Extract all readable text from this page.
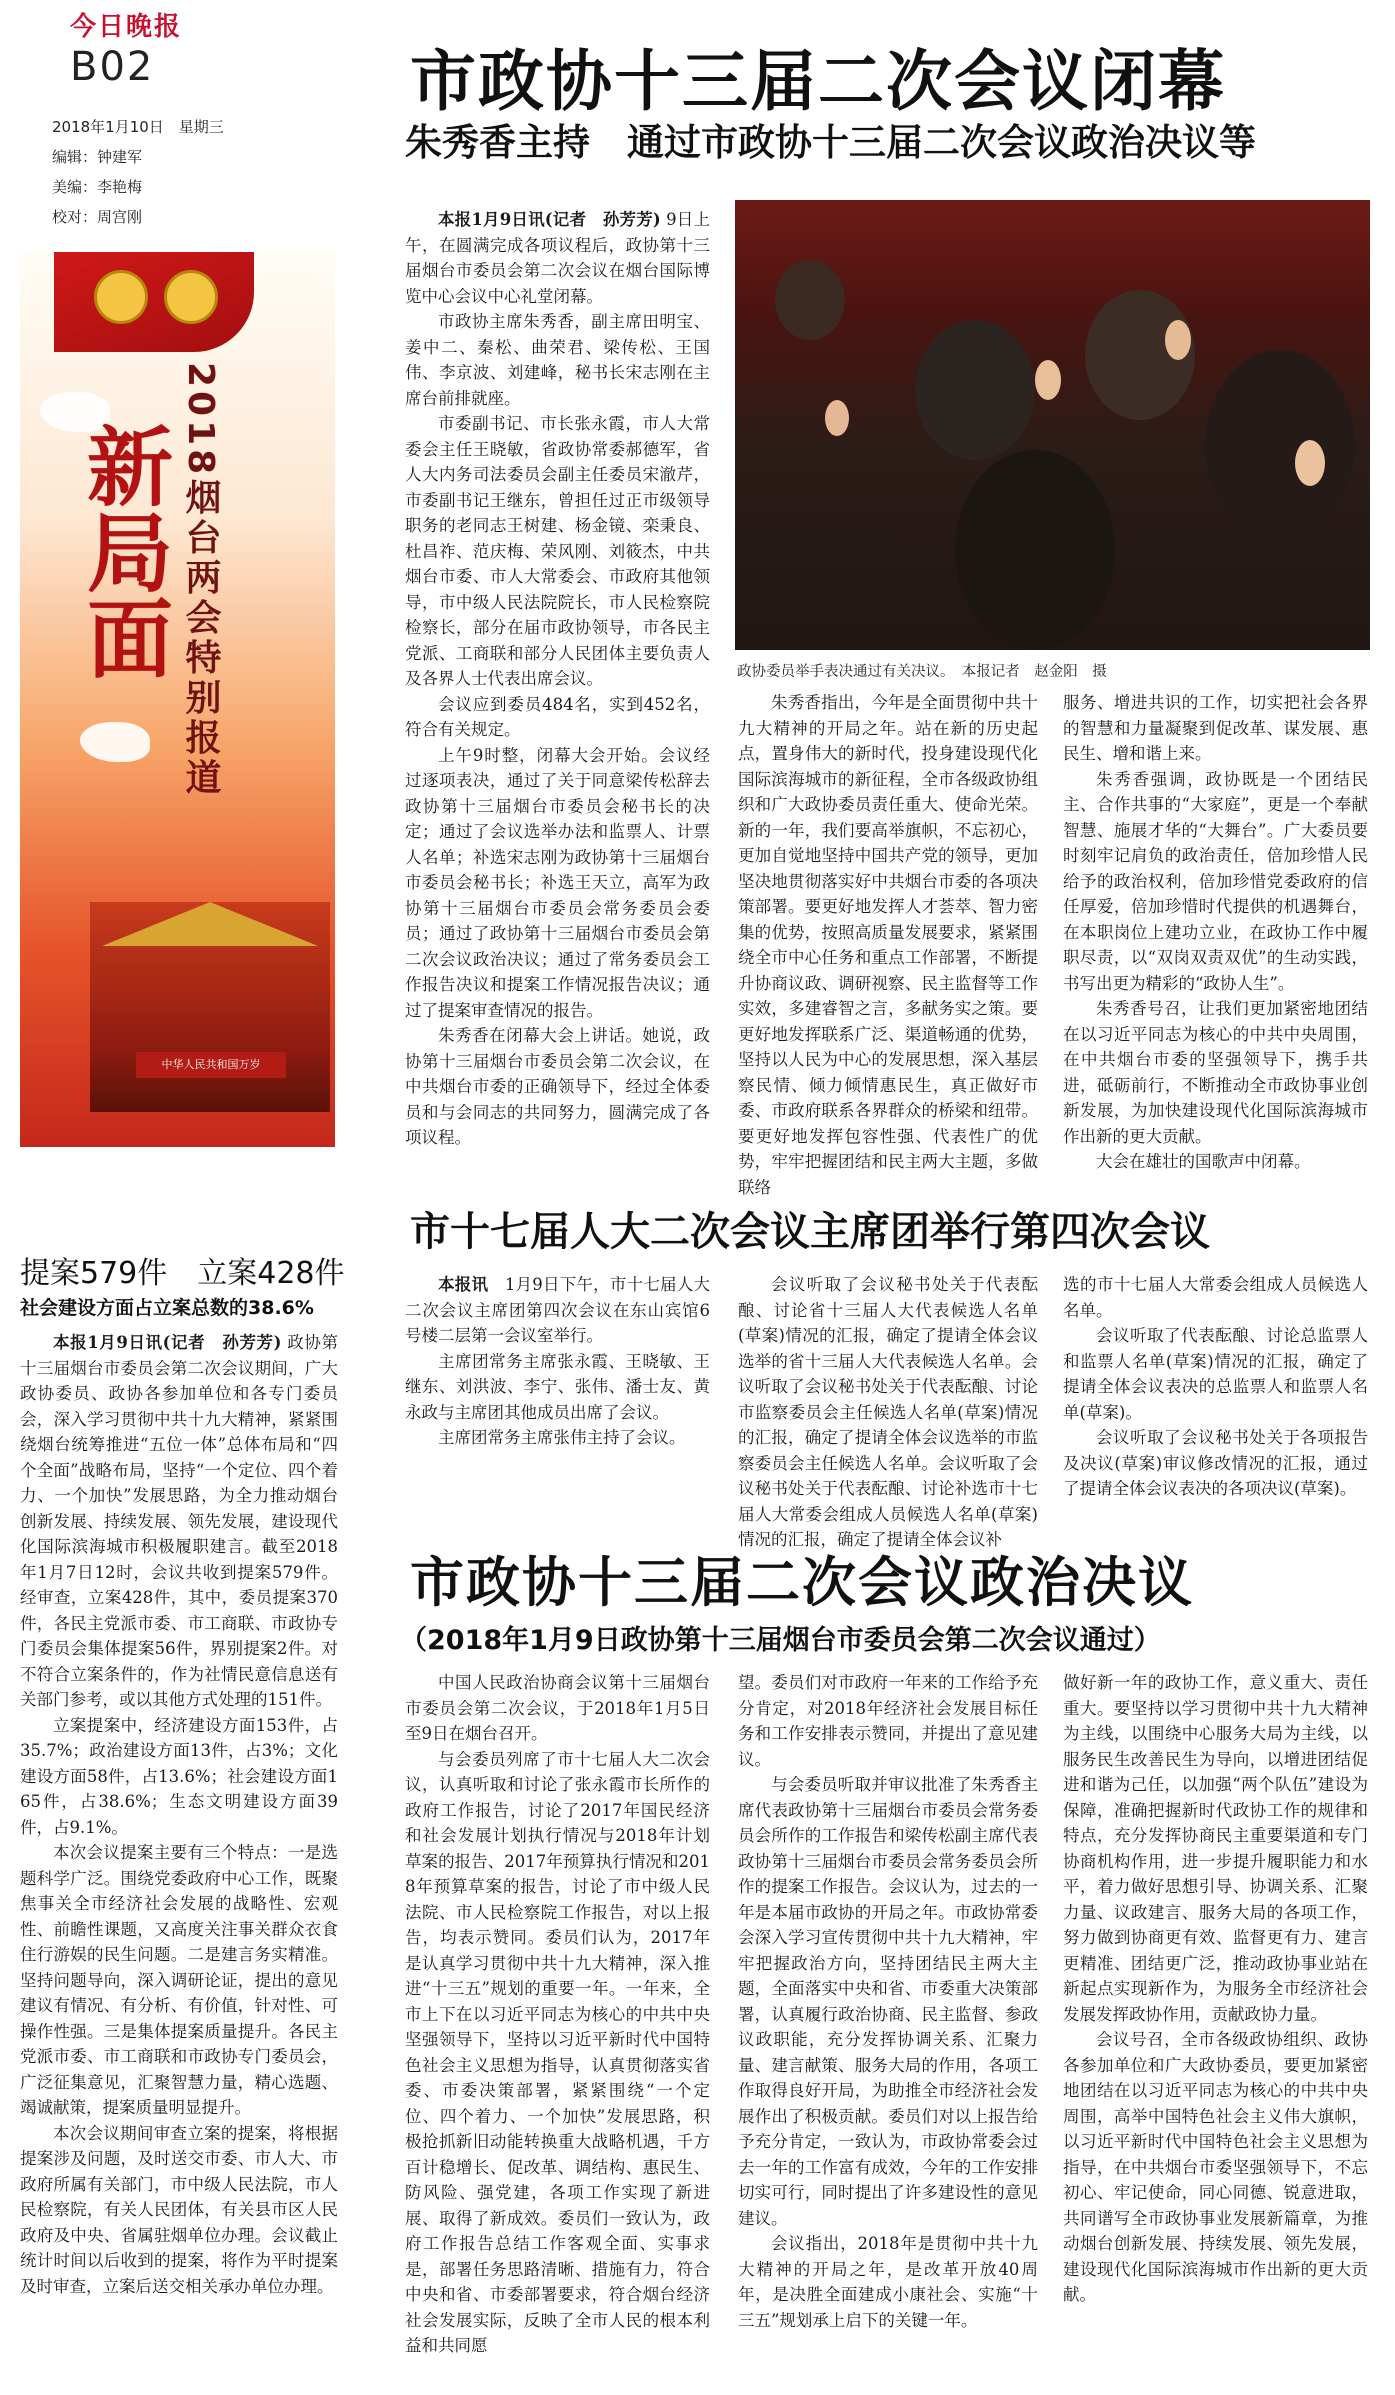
今日晚报
B02
2018年1月10日　星期三
编辑：钟建军
美编：李艳梅
校对：周宫刚
新局面 2018烟台两会特别报道
中华人民共和国万岁
市政协十三届二次会议闭幕
朱秀香主持　通过市政协十三届二次会议政治决议等

本报1月9日讯(记者　孙芳芳) 9日上午，在圆满完成各项议程后，政协第十三届烟台市委员会第二次会议在烟台国际博览中心会议中心礼堂闭幕。

市政协主席朱秀香，副主席田明宝、姜中二、秦松、曲荣君、梁传松、王国伟、李京波、刘建峰，秘书长宋志刚在主席台前排就座。

市委副书记、市长张永霞，市人大常委会主任王晓敏，省政协常委郝德军，省人大内务司法委员会副主任委员宋澈芹，市委副书记王继东，曾担任过正市级领导职务的老同志王树建、杨金镜、栾秉良、杜昌祚、范庆梅、荣风刚、刘筱杰，中共烟台市委、市人大常委会、市政府其他领导，市中级人民法院院长，市人民检察院检察长，部分在届市政协领导，市各民主党派、工商联和部分人民团体主要负责人及各界人士代表出席会议。

会议应到委员484名，实到452名，符合有关规定。

上午9时整，闭幕大会开始。会议经过逐项表决，通过了关于同意梁传松辞去政协第十三届烟台市委员会秘书长的决定；通过了会议选举办法和监票人、计票人名单；补选宋志刚为政协第十三届烟台市委员会秘书长；补选王天立，高军为政协第十三届烟台市委员会常务委员会委员；通过了政协第十三届烟台市委员会第二次会议政治决议；通过了常务委员会工作报告决议和提案工作情况报告决议；通过了提案审查情况的报告。

朱秀香在闭幕大会上讲话。她说，政协第十三届烟台市委员会第二次会议，在中共烟台市委的正确领导下，经过全体委员和与会同志的共同努力，圆满完成了各项议程。

政协委员举手表决通过有关决议。　本报记者　赵金阳　摄

朱秀香指出，今年是全面贯彻中共十九大精神的开局之年。站在新的历史起点，置身伟大的新时代，投身建设现代化国际滨海城市的新征程，全市各级政协组织和广大政协委员责任重大、使命光荣。新的一年，我们要高举旗帜，不忘初心，更加自觉地坚持中国共产党的领导，更加坚决地贯彻落实好中共烟台市委的各项决策部署。要更好地发挥人才荟萃、智力密集的优势，按照高质量发展要求，紧紧围绕全市中心任务和重点工作部署，不断提升协商议政、调研视察、民主监督等工作实效，多建睿智之言，多献务实之策。要更好地发挥联系广泛、渠道畅通的优势，坚持以人民为中心的发展思想，深入基层察民情、倾力倾情惠民生，真正做好市委、市政府联系各界群众的桥梁和纽带。要更好地发挥包容性强、代表性广的优势，牢牢把握团结和民主两大主题，多做联络

服务、增进共识的工作，切实把社会各界的智慧和力量凝聚到促改革、谋发展、惠民生、增和谐上来。

朱秀香强调，政协既是一个团结民主、合作共事的“大家庭”，更是一个奉献智慧、施展才华的“大舞台”。广大委员要时刻牢记肩负的政治责任，倍加珍惜人民给予的政治权利，倍加珍惜党委政府的信任厚爱，倍加珍惜时代提供的机遇舞台，在本职岗位上建功立业，在政协工作中履职尽责，以“双岗双责双优”的生动实践，书写出更为精彩的“政协人生”。

朱秀香号召，让我们更加紧密地团结在以习近平同志为核心的中共中央周围，在中共烟台市委的坚强领导下，携手共进，砥砺前行，不断推动全市政协事业创新发展，为加快建设现代化国际滨海城市作出新的更大贡献。

大会在雄壮的国歌声中闭幕。

市十七届人大二次会议主席团举行第四次会议

本报讯　 1月9日下午，市十七届人大二次会议主席团第四次会议在东山宾馆6号楼二层第一会议室举行。

主席团常务主席张永霞、王晓敏、王继东、刘洪波、李宁、张伟、潘士友、黄永政与主席团其他成员出席了会议。

主席团常务主席张伟主持了会议。

会议听取了会议秘书处关于代表酝酿、讨论省十三届人大代表候选人名单(草案)情况的汇报，确定了提请全体会议选举的省十三届人大代表候选人名单。会议听取了会议秘书处关于代表酝酿、讨论市监察委员会主任候选人名单(草案)情况的汇报，确定了提请全体会议选举的市监察委员会主任候选人名单。会议听取了会议秘书处关于代表酝酿、讨论补选市十七届人大常委会组成人员候选人名单(草案)情况的汇报，确定了提请全体会议补

选的市十七届人大常委会组成人员候选人名单。

会议听取了代表酝酿、讨论总监票人和监票人名单(草案)情况的汇报，确定了提请全体会议表决的总监票人和监票人名单(草案)。

会议听取了会议秘书处关于各项报告及决议(草案)审议修改情况的汇报，通过了提请全体会议表决的各项决议(草案)。

提案579件　立案428件
社会建设方面占立案总数的38.6%

本报1月9日讯(记者　孙芳芳) 政协第十三届烟台市委员会第二次会议期间，广大政协委员、政协各参加单位和各专门委员会，深入学习贯彻中共十九大精神，紧紧围绕烟台统筹推进“五位一体”总体布局和“四个全面”战略布局，坚持“一个定位、四个着力、一个加快”发展思路，为全力推动烟台创新发展、持续发展、领先发展，建设现代化国际滨海城市积极履职建言。截至2018年1月7日12时，会议共收到提案579件。经审查，立案428件，其中，委员提案370件，各民主党派市委、市工商联、市政协专门委员会集体提案56件，界别提案2件。对不符合立案条件的，作为社情民意信息送有关部门参考，或以其他方式处理的151件。

立案提案中，经济建设方面153件，占35.7%；政治建设方面13件，占3%；文化建设方面58件，占13.6%；社会建设方面165件，占38.6%；生态文明建设方面39件，占9.1%。

本次会议提案主要有三个特点：一是选题科学广泛。围绕党委政府中心工作，既聚焦事关全市经济社会发展的战略性、宏观性、前瞻性课题，又高度关注事关群众衣食住行游娱的民生问题。二是建言务实精准。坚持问题导向，深入调研论证，提出的意见建议有情况、有分析、有价值，针对性、可操作性强。三是集体提案质量提升。各民主党派市委、市工商联和市政协专门委员会，广泛征集意见，汇聚智慧力量，精心选题、竭诚献策，提案质量明显提升。

本次会议期间审查立案的提案，将根据提案涉及问题，及时送交市委、市人大、市政府所属有关部门，市中级人民法院，市人民检察院，有关人民团体，有关县市区人民政府及中央、省属驻烟单位办理。会议截止统计时间以后收到的提案，将作为平时提案及时审查，立案后送交相关承办单位办理。

市政协十三届二次会议政治决议
（2018年1月9日政协第十三届烟台市委员会第二次会议通过）

中国人民政治协商会议第十三届烟台市委员会第二次会议，于2018年1月5日至9日在烟台召开。

与会委员列席了市十七届人大二次会议，认真听取和讨论了张永霞市长所作的政府工作报告，讨论了2017年国民经济和社会发展计划执行情况与2018年计划草案的报告、2017年预算执行情况和2018年预算草案的报告，讨论了市中级人民法院、市人民检察院工作报告，对以上报告，均表示赞同。委员们认为，2017年是认真学习贯彻中共十九大精神，深入推进“十三五”规划的重要一年。一年来，全市上下在以习近平同志为核心的中共中央坚强领导下，坚持以习近平新时代中国特色社会主义思想为指导，认真贯彻落实省委、市委决策部署，紧紧围绕“一个定位、四个着力、一个加快”发展思路，积极抢抓新旧动能转换重大战略机遇，千方百计稳增长、促改革、调结构、惠民生、防风险、强党建，各项工作实现了新进展、取得了新成效。委员们一致认为，政府工作报告总结工作客观全面、实事求是，部署任务思路清晰、措施有力，符合中央和省、市委部署要求，符合烟台经济社会发展实际，反映了全市人民的根本利益和共同愿

望。委员们对市政府一年来的工作给予充分肯定，对2018年经济社会发展目标任务和工作安排表示赞同，并提出了意见建议。

与会委员听取并审议批准了朱秀香主席代表政协第十三届烟台市委员会常务委员会所作的工作报告和梁传松副主席代表政协第十三届烟台市委员会常务委员会所作的提案工作报告。会议认为，过去的一年是本届市政协的开局之年。市政协常委会深入学习宣传贯彻中共十九大精神，牢牢把握政治方向，坚持团结民主两大主题，全面落实中央和省、市委重大决策部署，认真履行政治协商、民主监督、参政议政职能，充分发挥协调关系、汇聚力量、建言献策、服务大局的作用，各项工作取得良好开局，为助推全市经济社会发展作出了积极贡献。委员们对以上报告给予充分肯定，一致认为，市政协常委会过去一年的工作富有成效，今年的工作安排切实可行，同时提出了许多建设性的意见建议。

会议指出，2018年是贯彻中共十九大精神的开局之年，是改革开放40周年，是决胜全面建成小康社会、实施“十三五”规划承上启下的关键一年。

做好新一年的政协工作，意义重大、责任重大。要坚持以学习贯彻中共十九大精神为主线，以围绕中心服务大局为主线，以服务民生改善民生为导向，以增进团结促进和谐为己任，以加强“两个队伍”建设为保障，准确把握新时代政协工作的规律和特点，充分发挥协商民主重要渠道和专门协商机构作用，进一步提升履职能力和水平，着力做好思想引导、协调关系、汇聚力量、议政建言、服务大局的各项工作，努力做到协商更有效、监督更有力、建言更精准、团结更广泛，推动政协事业站在新起点实现新作为，为服务全市经济社会发展发挥政协作用，贡献政协力量。

会议号召，全市各级政协组织、政协各参加单位和广大政协委员，要更加紧密地团结在以习近平同志为核心的中共中央周围，高举中国特色社会主义伟大旗帜，以习近平新时代中国特色社会主义思想为指导，在中共烟台市委坚强领导下，不忘初心、牢记使命，同心同德、锐意进取，共同谱写全市政协事业发展新篇章，为推动烟台创新发展、持续发展、领先发展，建设现代化国际滨海城市作出新的更大贡献。
